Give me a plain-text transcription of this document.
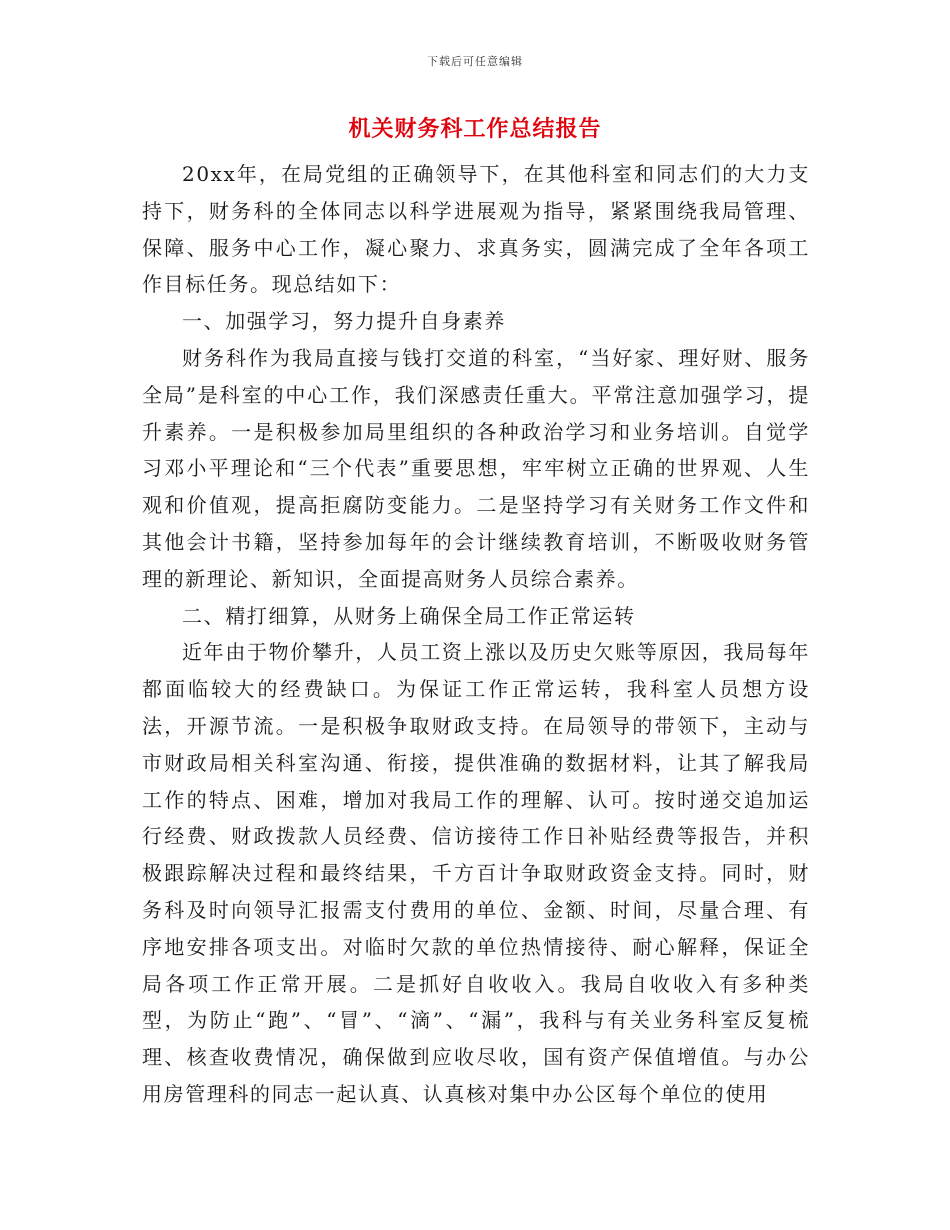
下载后可任意编辑
机关财务科工作总结报告

20xx年，在局党组的正确领导下，在其他科室和同志们的大力支持下，财务科的全体同志以科学进展观为指导，紧紧围绕我局管理、保障、服务中心工作，凝心聚力、求真务实，圆满完成了全年各项工作目标任务。现总结如下：

一、加强学习，努力提升自身素养

财务科作为我局直接与钱打交道的科室，“当好家、理好财、服务全局”是科室的中心工作，我们深感责任重大。平常注意加强学习，提升素养。一是积极参加局里组织的各种政治学习和业务培训。自觉学习邓小平理论和“三个代表”重要思想，牢牢树立正确的世界观、人生观和价值观，提高拒腐防变能力。二是坚持学习有关财务工作文件和其他会计书籍，坚持参加每年的会计继续教育培训，不断吸收财务管理的新理论、新知识，全面提高财务人员综合素养。

二、精打细算，从财务上确保全局工作正常运转

近年由于物价攀升，人员工资上涨以及历史欠账等原因，我局每年都面临较大的经费缺口。为保证工作正常运转，我科室人员想方设法，开源节流。一是积极争取财政支持。在局领导的带领下，主动与市财政局相关科室沟通、衔接，提供准确的数据材料，让其了解我局工作的特点、困难，增加对我局工作的理解、认可。按时递交追加运行经费、财政拨款人员经费、信访接待工作日补贴经费等报告，并积极跟踪解决过程和最终结果，千方百计争取财政资金支持。同时，财务科及时向领导汇报需支付费用的单位、金额、时间，尽量合理、有序地安排各项支出。对临时欠款的单位热情接待、耐心解释，保证全局各项工作正常开展。二是抓好自收收入。我局自收收入有多种类型，为防止“跑”、“冒”、“滴”、“漏”，我科与有关业务科室反复梳理、核查收费情况，确保做到应收尽收，国有资产保值增值。与办公用房管理科的同志一起认真、认真核对集中办公区每个单位的使用
